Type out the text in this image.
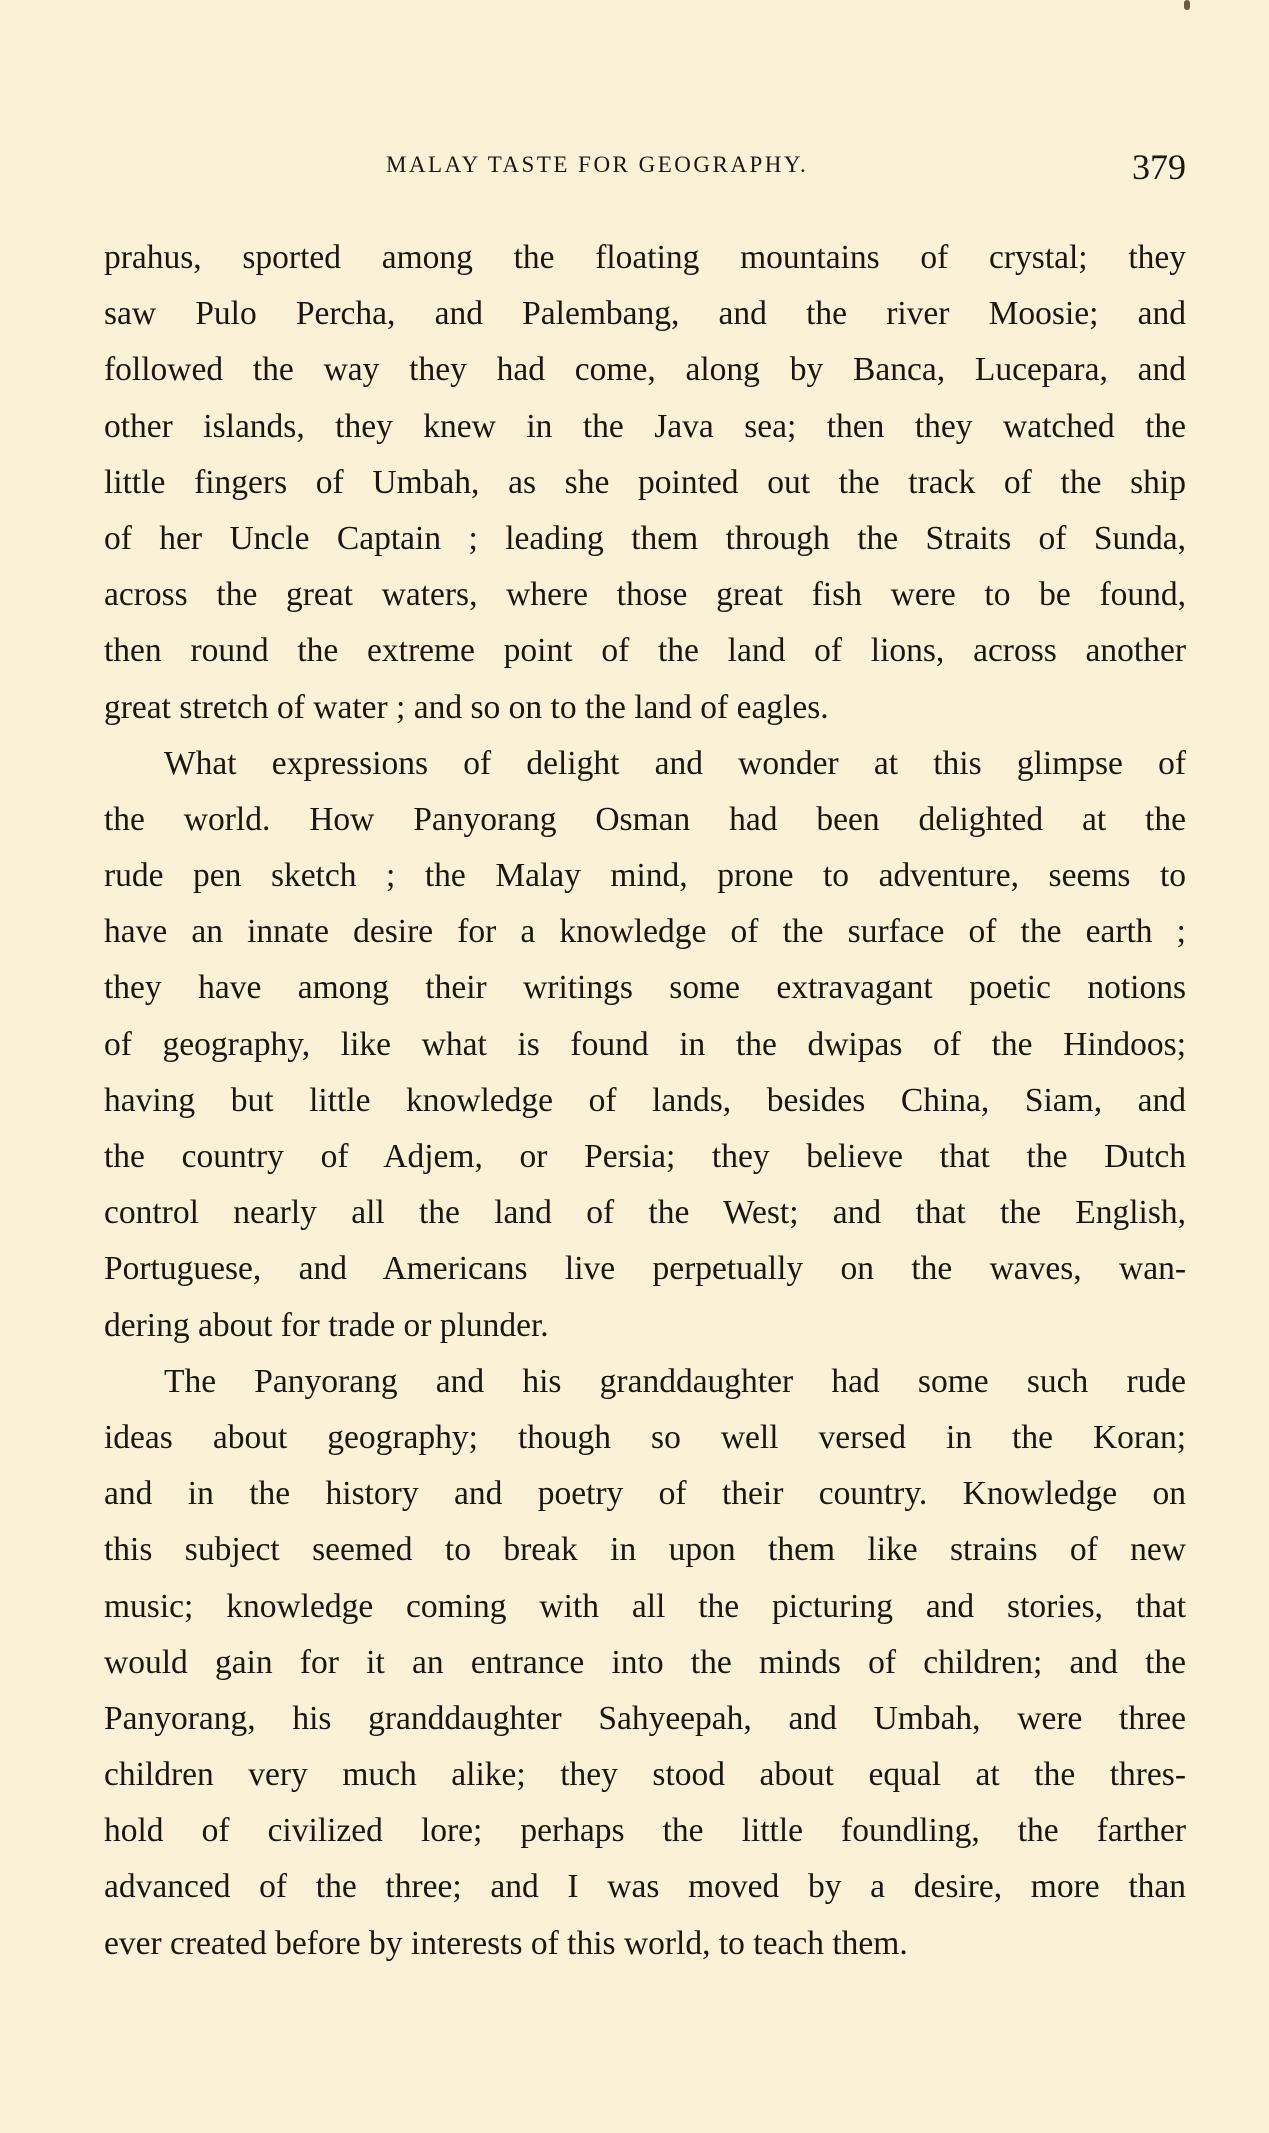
MALAY TASTE FOR GEOGRAPHY.	379
prahus, sported among the floating mountains of crystal; they
saw Pulo Percha, and Palembang, and the river Moosie; and
followed the way they had come, along by Banca, Lucepara, and
other islands, they knew in the Java sea; then they watched the
little fingers of Umbah, as she pointed out the track of the ship
of her Uncle Captain ; leading them through the Straits of Sunda,
across the great waters, where those great fish were to be found,
then round the extreme point of the land of lions, across another
great stretch of water ; and so on to the land of eagles.
What expressions of delight and wonder at this glimpse of
the world. How Panyorang Osman had been delighted at the
rude pen sketch ; the Malay mind, prone to adventure, seems to
have an innate desire for a knowledge of the surface of the earth ;
they have among their writings some extravagant poetic notions
of geography, like what is found in the dwipas of the Hindoos;
having but little knowledge of lands, besides China, Siam, and
the country of Adjem, or Persia; they believe that the Dutch
control nearly all the land of the West; and that the English,
Portuguese, and Americans live perpetually on the waves, wan-
dering about for trade or plunder.
The Panyorang and his granddaughter had some such rude
ideas about geography; though so well versed in the Koran;
and in the history and poetry of their country. Knowledge on
this subject seemed to break in upon them like strains of new
music; knowledge coming with all the picturing and stories, that
would gain for it an entrance into the minds of children; and the
Panyorang, his granddaughter Sahyeepah, and Umbah, were three
children very much alike; they stood about equal at the thres-
hold of civilized lore; perhaps the little foundling, the farther
advanced of the three; and I was moved by a desire, more than
ever created before by interests of this world, to teach them.
